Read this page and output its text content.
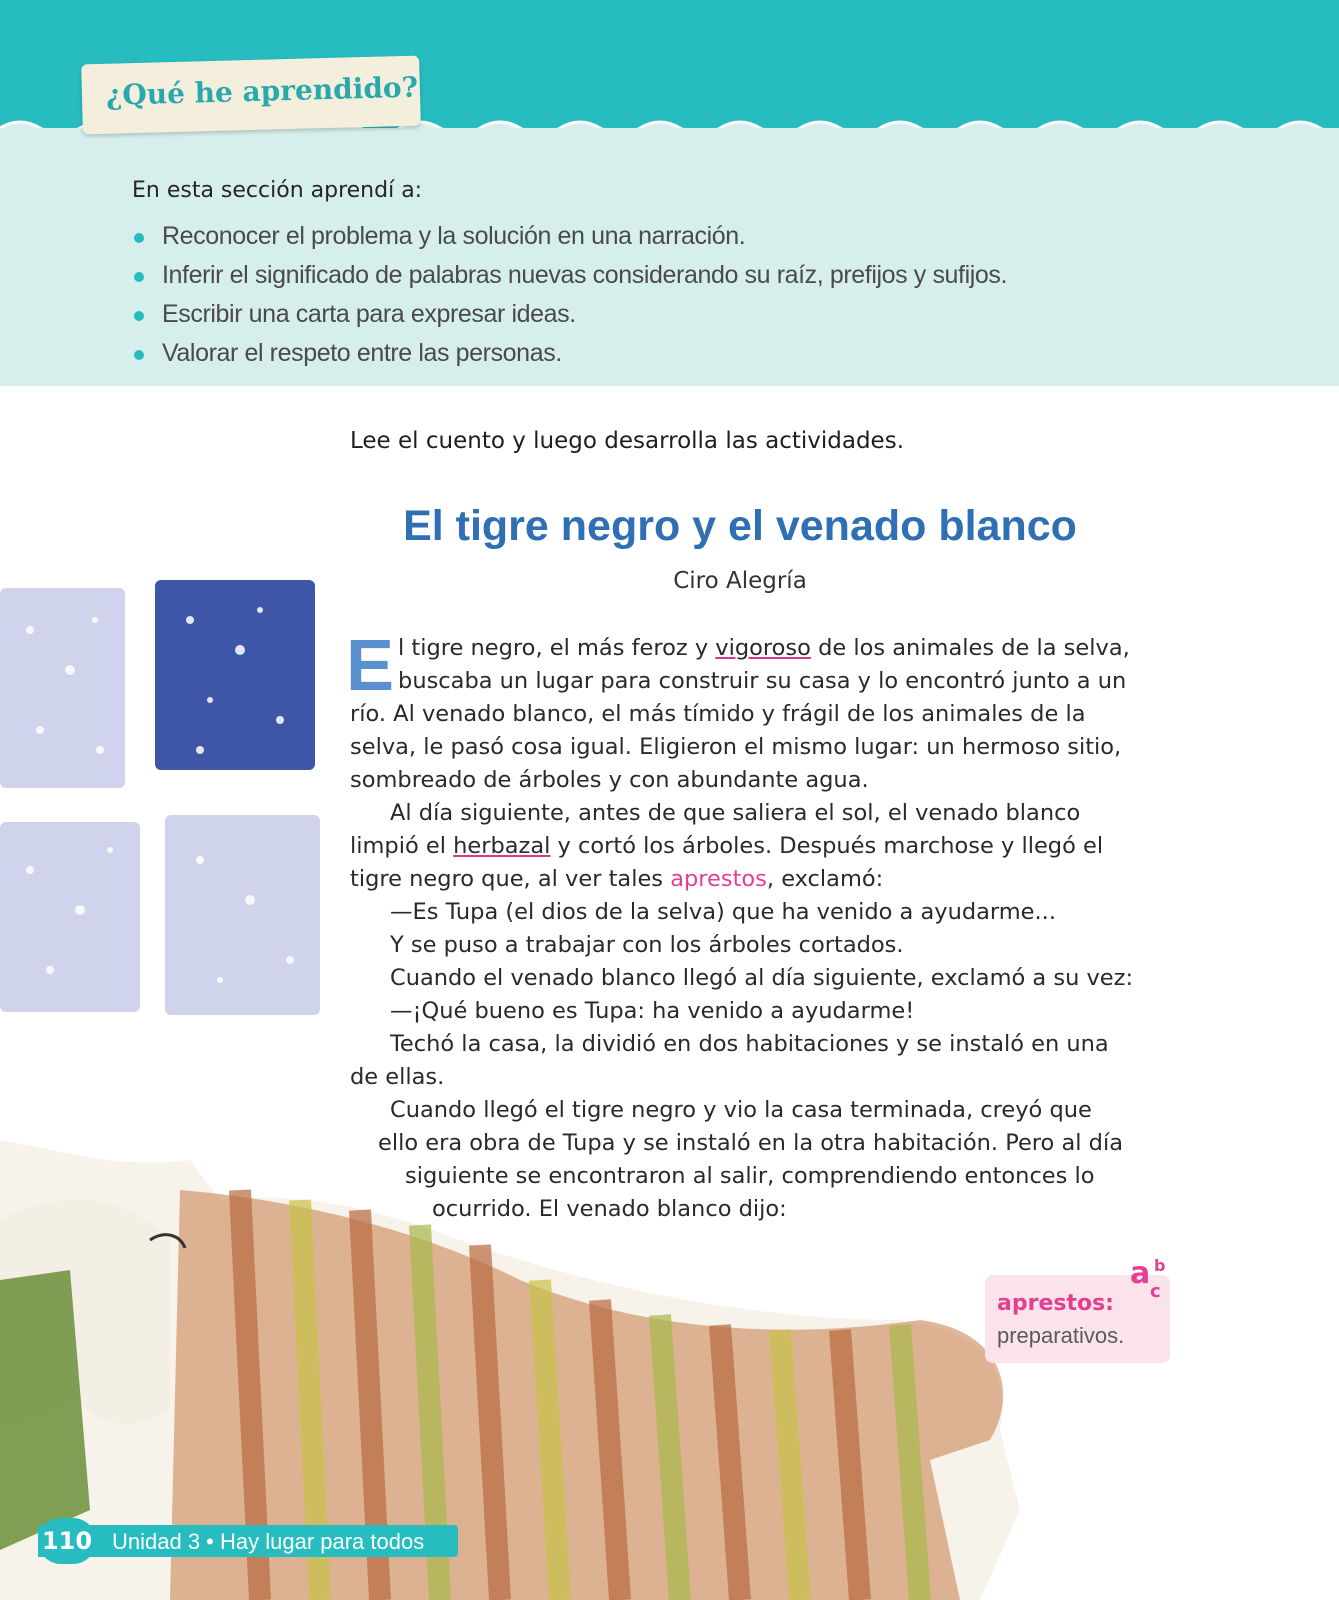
¿Qué he aprendido?
En esta sección aprendí a:
Reconocer el problema y la solución en una narración.
Inferir el significado de palabras nuevas considerando su raíz, prefijos y sufijos.
Escribir una carta para expresar ideas.
Valorar el respeto entre las personas.
Lee el cuento y luego desarrolla las actividades.
El tigre negro y el venado blanco
Ciro Alegría
E l tigre negro, el más feroz y vigoroso de los animales de la selva,
buscaba un lugar para construir su casa y lo encontró junto a un
río. Al venado blanco, el más tímido y frágil de los animales de la
selva, le pasó cosa igual. Eligieron el mismo lugar: un hermoso sitio,
sombreado de árboles y con abundante agua.
Al día siguiente, antes de que saliera el sol, el venado blanco
limpió el herbazal y cortó los árboles. Después marchose y llegó el
tigre negro que, al ver tales aprestos, exclamó:
—Es Tupa (el dios de la selva) que ha venido a ayudarme...
Y se puso a trabajar con los árboles cortados.
Cuando el venado blanco llegó al día siguiente, exclamó a su vez:
—¡Qué bueno es Tupa: ha venido a ayudarme!
Techó la casa, la dividió en dos habitaciones y se instaló en una
de ellas.
Cuando llegó el tigre negro y vio la casa terminada, creyó que
ello era obra de Tupa y se instaló en la otra habitación. Pero al día
siguiente se encontraron al salir, comprendiendo entonces lo
ocurrido. El venado blanco dijo:
aprestos:
preparativos.
a b
c
110 Unidad 3 • Hay lugar para todos
